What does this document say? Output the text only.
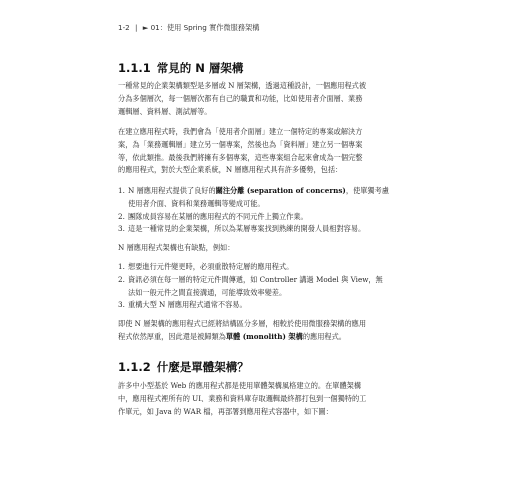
1-2 | ► 01：使用 Spring 實作微服務架構
1.1.1 常見的 N 層架構

一種常見的企業架構類型是多層或 N 層架構，透過這種設計，一個應用程式被
分為多個層次，每一個層次都有自己的職責和功能，比如使用者介面層、業務
邏輯層、資料層、測試層等。

在建立應用程式時，我們會為「使用者介面層」建立一個特定的專案或解決方
案，為「業務邏輯層」建立另一個專案，然後也為「資料層」建立另一個專案
等，依此類推。最後我們將擁有多個專案，這些專案組合起來會成為一個完整
的應用程式，對於大型企業系統，N 層應用程式具有許多優勢，包括：

1. N 層應用程式提供了良好的關注分離 (separation of concerns)，使單獨考慮
使用者介面、資料和業務邏輯等變成可能。
2. 團隊成員容易在某層的應用程式的不同元件上獨立作業。
3. 這是一種常見的企業架構，所以為某層專案找到熟練的開發人員相對容易。

N 層應用程式架構也有缺點，例如：

1. 想要進行元件變更時，必須重散特定層的應用程式。
2. 資訊必須在每一層的特定元件間傳遞，如 Controller 講過 Model 與 View，無
法如一般元件之間直接溝通，可能導致效率變差。
3. 重構大型 N 層應用程式通常不容易。

即使 N 層架構的應用程式已經將結構區分多層，相較於使用微服務架構的應用
程式依然厚重，因此還是被歸類為單體 (monolith) 架構的應用程式。

1.1.2 什麼是單體架構？

許多中小型基於 Web 的應用程式都是使用單體架構風格建立的。在單體架構
中，應用程式裡所有的 UI、業務和資料庫存取邏輯最終都打包到一個獨特的工
作單元，如 Java 的 WAR 檔，再部署到應用程式容器中，如下圖：
